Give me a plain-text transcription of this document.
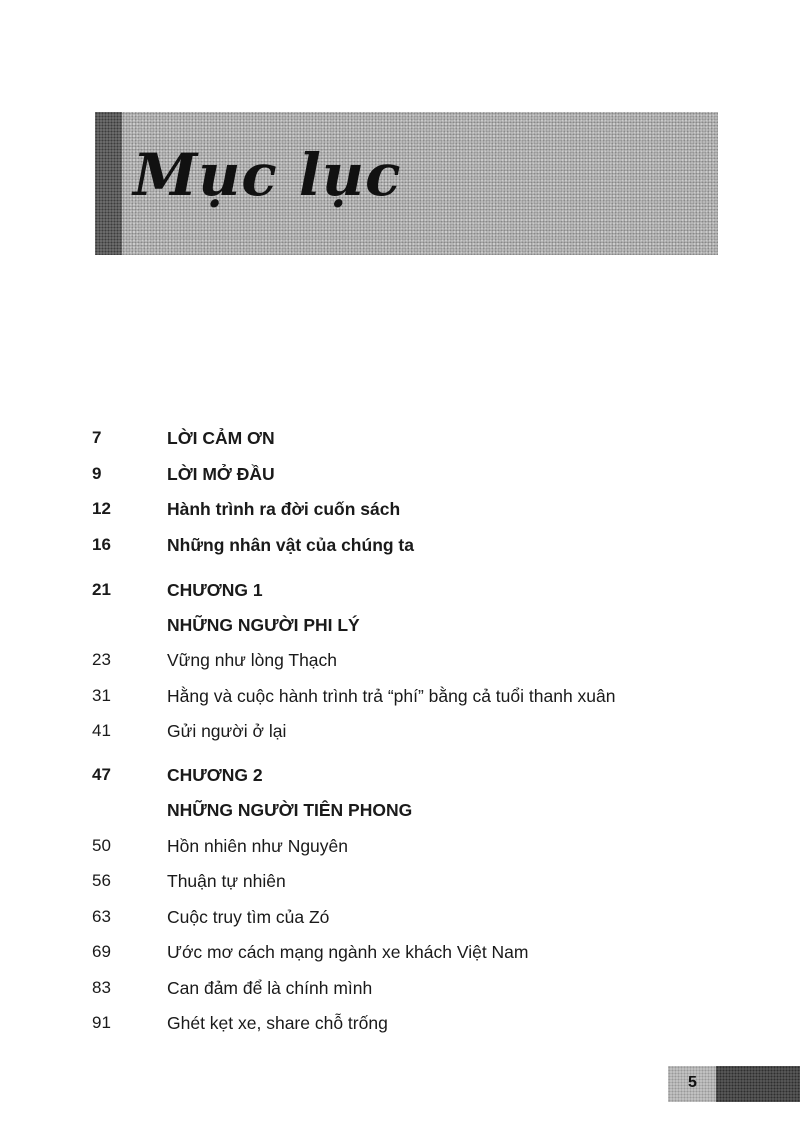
Mục lục
7	LỜI CẢM ƠN
9	LỜI MỞ ĐẦU
12	Hành trình ra đời cuốn sách
16	Những nhân vật của chúng ta
21	CHƯƠNG 1
NHỮNG NGƯỜI PHI LÝ
23	Vững như lòng Thạch
31	Hằng và cuộc hành trình trả “phí” bằng cả tuổi thanh xuân
41	Gửi người ở lại
47	CHƯƠNG 2
NHỮNG NGƯỜI TIÊN PHONG
50	Hồn nhiên như Nguyên
56	Thuận tự nhiên
63	Cuộc truy tìm của Zó
69	Ước mơ cách mạng ngành xe khách Việt Nam
83	Can đảm để là chính mình
91	Ghét kẹt xe, share chỗ trống
5
